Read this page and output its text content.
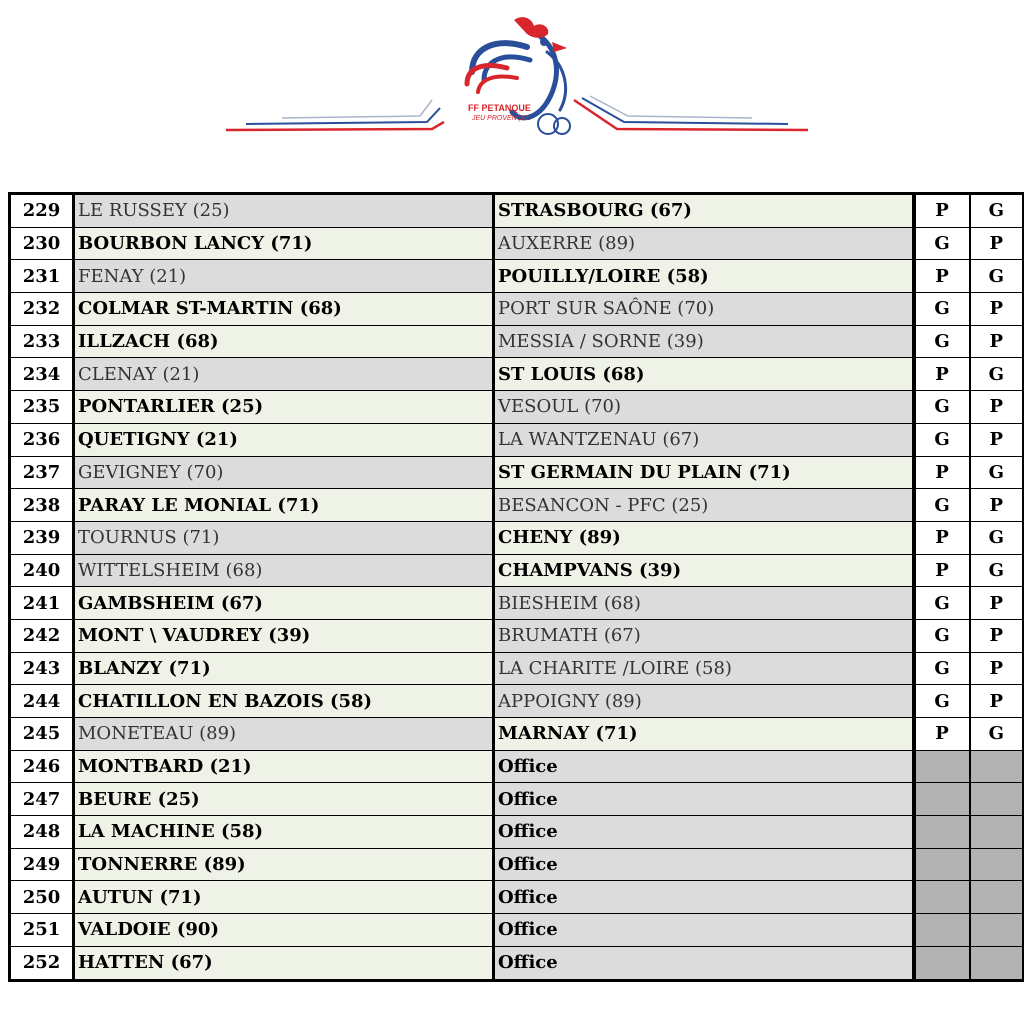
FF PETANQUE
JEU PROVENÇAL
229	LE RUSSEY (25)	STRASBOURG (67)	P	G
230	BOURBON LANCY (71)	AUXERRE (89)	G	P
231	FENAY (21)	POUILLY/LOIRE (58)	P	G
232	COLMAR ST-MARTIN (68)	PORT SUR SAÔNE (70)	G	P
233	ILLZACH (68)	MESSIA / SORNE (39)	G	P
234	CLENAY (21)	ST LOUIS (68)	P	G
235	PONTARLIER (25)	VESOUL (70)	G	P
236	QUETIGNY (21)	LA WANTZENAU (67)	G	P
237	GEVIGNEY (70)	ST GERMAIN DU PLAIN (71)	P	G
238	PARAY LE MONIAL (71)	BESANCON - PFC (25)	G	P
239	TOURNUS (71)	CHENY (89)	P	G
240	WITTELSHEIM (68)	CHAMPVANS (39)	P	G
241	GAMBSHEIM (67)	BIESHEIM (68)	G	P
242	MONT \ VAUDREY (39)	BRUMATH (67)	G	P
243	BLANZY (71)	LA CHARITE /LOIRE (58)	G	P
244	CHATILLON EN BAZOIS (58)	APPOIGNY (89)	G	P
245	MONETEAU (89)	MARNAY (71)	P	G
246	MONTBARD (21)	Office		
247	BEURE (25)	Office		
248	LA MACHINE (58)	Office		
249	TONNERRE (89)	Office		
250	AUTUN (71)	Office		
251	VALDOIE (90)	Office		
252	HATTEN (67)	Office		
